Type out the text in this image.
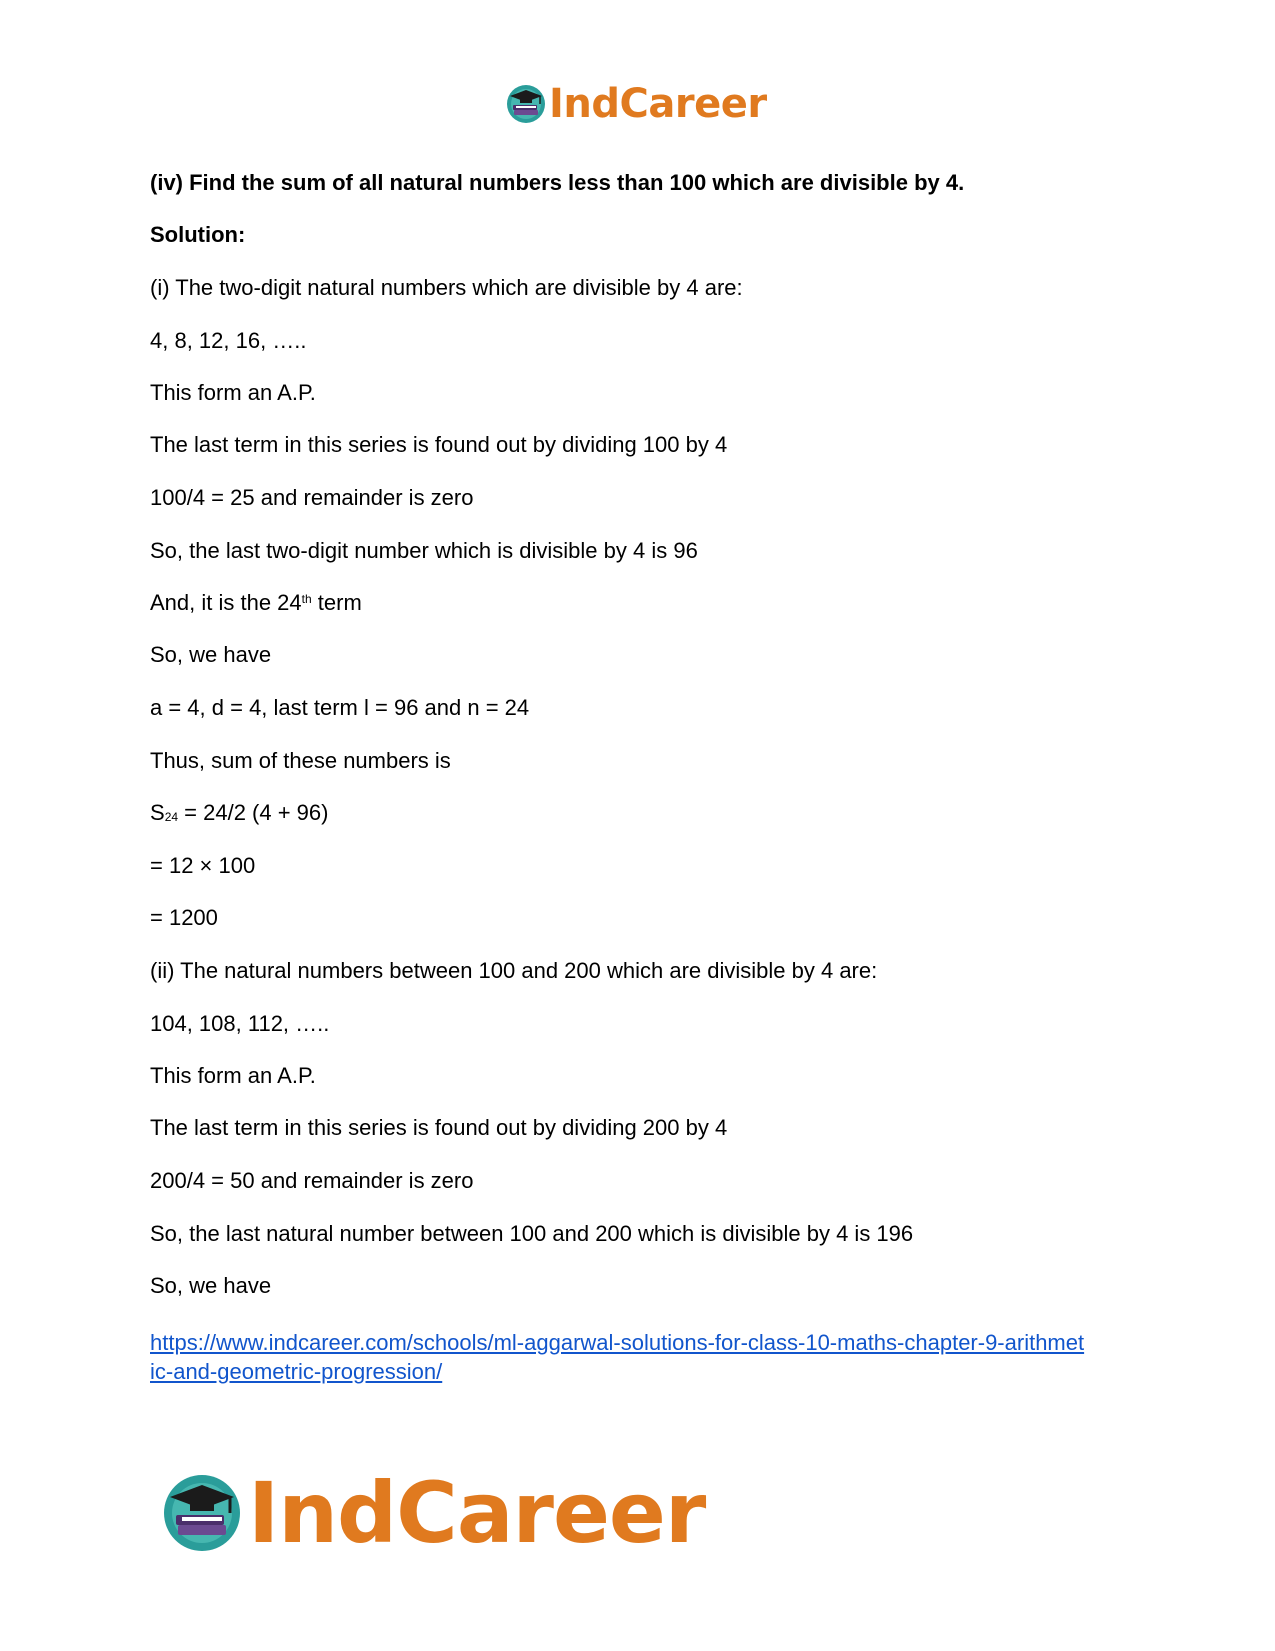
IndCareer
(iv) Find the sum of all natural numbers less than 100 which are divisible by 4.
Solution:
(i) The two-digit natural numbers which are divisible by 4 are:
4, 8, 12, 16, …..
This form an A.P.
The last term in this series is found out by dividing 100 by 4
100/4 = 25 and remainder is zero
So, the last two-digit number which is divisible by 4 is 96
And, it is the 24th term
So, we have
a = 4, d = 4, last term l = 96 and n = 24
Thus, sum of these numbers is
$S_{24} = 24/2$ (4 + 96)
= 12 × 100
= 1200
(ii) The natural numbers between 100 and 200 which are divisible by 4 are:
104, 108, 112, …..
This form an A.P.
The last term in this series is found out by dividing 200 by 4
200/4 = 50 and remainder is zero
So, the last natural number between 100 and 200 which is divisible by 4 is 196
So, we have
https://www.indcareer.com/schools/ml-aggarwal-solutions-for-class-10-maths-chapter-9-arithmet
ic-and-geometric-progression/
IndCareer
